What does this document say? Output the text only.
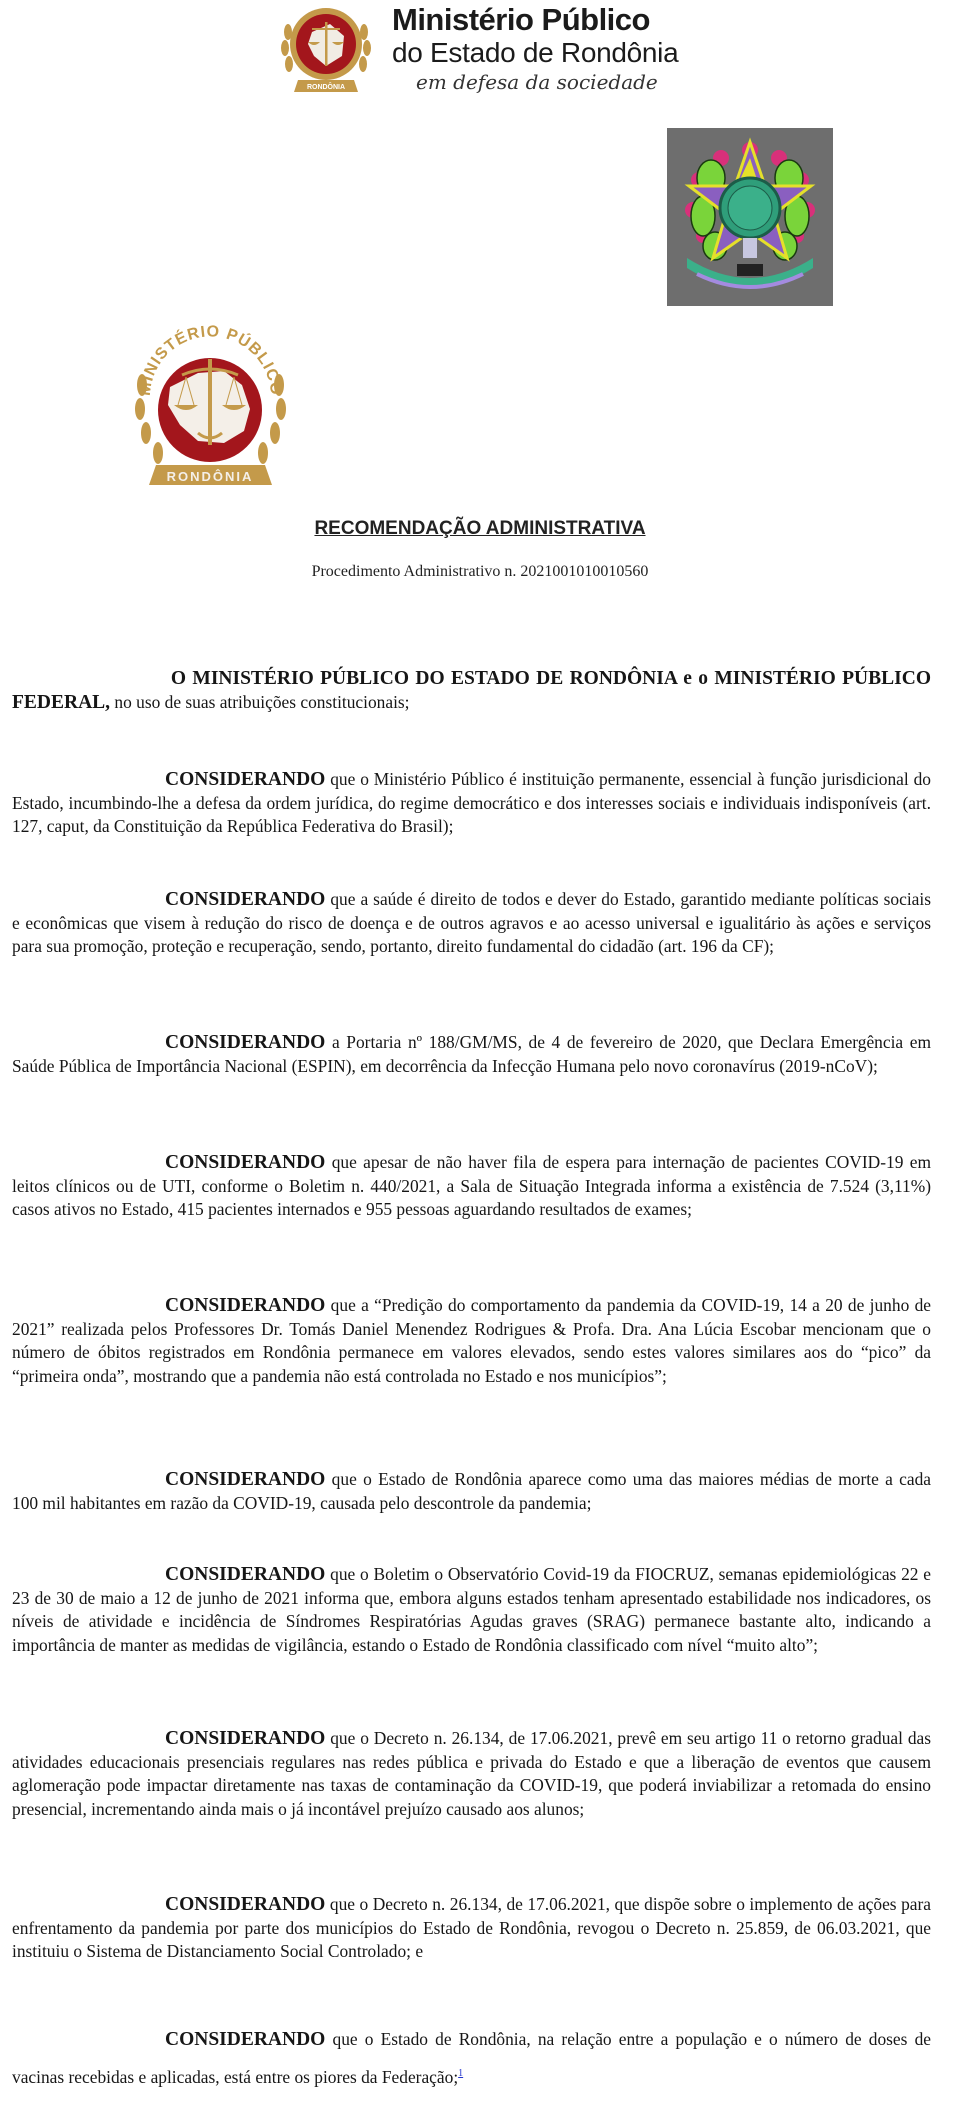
RONDÔNIA
Ministério Público
do Estado de Rondônia
em defesa da sociedade
MINISTÉRIO PÚBLICO
RONDÔNIA
RECOMENDAÇÃO ADMINISTRATIVA
Procedimento Administrativo n. 2021001010010560
O MINISTÉRIO PÚBLICO DO ESTADO DE RONDÔNIA e o MINISTÉRIO PÚBLICO FEDERAL, no uso de suas atribuições constitucionais;
CONSIDERANDO que o Ministério Público é instituição permanente, essencial à função jurisdicional do Estado, incumbindo-lhe a defesa da ordem jurídica, do regime democrático e dos interesses sociais e individuais indisponíveis (art. 127, caput, da Constituição da República Federativa do Brasil);
CONSIDERANDO que a saúde é direito de todos e dever do Estado, garantido mediante políticas sociais e econômicas que visem à redução do risco de doença e de outros agravos e ao acesso universal e igualitário às ações e serviços para sua promoção, proteção e recuperação, sendo, portanto, direito fundamental do cidadão (art. 196 da CF);
CONSIDERANDO a Portaria nº 188/GM/MS, de 4 de fevereiro de 2020, que Declara Emergência em Saúde Pública de Importância Nacional (ESPIN), em decorrência da Infecção Humana pelo novo coronavírus (2019-nCoV);
CONSIDERANDO que apesar de não haver fila de espera para internação de pacientes COVID-19 em leitos clínicos ou de UTI, conforme o Boletim n. 440/2021, a Sala de Situação Integrada informa a existência de 7.524 (3,11%) casos ativos no Estado, 415 pacientes internados e 955 pessoas aguardando resultados de exames;
CONSIDERANDO que a “Predição do comportamento da pandemia da COVID-19, 14 a 20 de junho de 2021” realizada pelos Professores Dr. Tomás Daniel Menendez Rodrigues & Profa. Dra. Ana Lúcia Escobar mencionam que o número de óbitos registrados em Rondônia permanece em valores elevados, sendo estes valores similares aos do “pico” da “primeira onda”, mostrando que a pandemia não está controlada no Estado e nos municípios”;
CONSIDERANDO que o Estado de Rondônia aparece como uma das maiores médias de morte a cada 100 mil habitantes em razão da COVID-19, causada pelo descontrole da pandemia;
CONSIDERANDO que o Boletim o Observatório Covid-19 da FIOCRUZ, semanas epidemiológicas 22 e 23 de 30 de maio a 12 de junho de 2021 informa que, embora alguns estados tenham apresentado estabilidade nos indicadores, os níveis de atividade e incidência de Síndromes Respiratórias Agudas graves (SRAG) permanece bastante alto, indicando a importância de manter as medidas de vigilância, estando o Estado de Rondônia classificado com nível “muito alto”;
CONSIDERANDO que o Decreto n. 26.134, de 17.06.2021, prevê em seu artigo 11 o retorno gradual das atividades educacionais presenciais regulares nas redes pública e privada do Estado e que a liberação de eventos que causem aglomeração pode impactar diretamente nas taxas de contaminação da COVID-19, que poderá inviabilizar a retomada do ensino presencial, incrementando ainda mais o já incontável prejuízo causado aos alunos;
CONSIDERANDO que o Decreto n. 26.134, de 17.06.2021, que dispõe sobre o implemento de ações para enfrentamento da pandemia por parte dos municípios do Estado de Rondônia, revogou o Decreto n. 25.859, de 06.03.2021, que instituiu o Sistema de Distanciamento Social Controlado; e
CONSIDERANDO que o Estado de Rondônia, na relação entre a população e o número de doses de vacinas recebidas e aplicadas, está entre os piores da Federação;$^1$
